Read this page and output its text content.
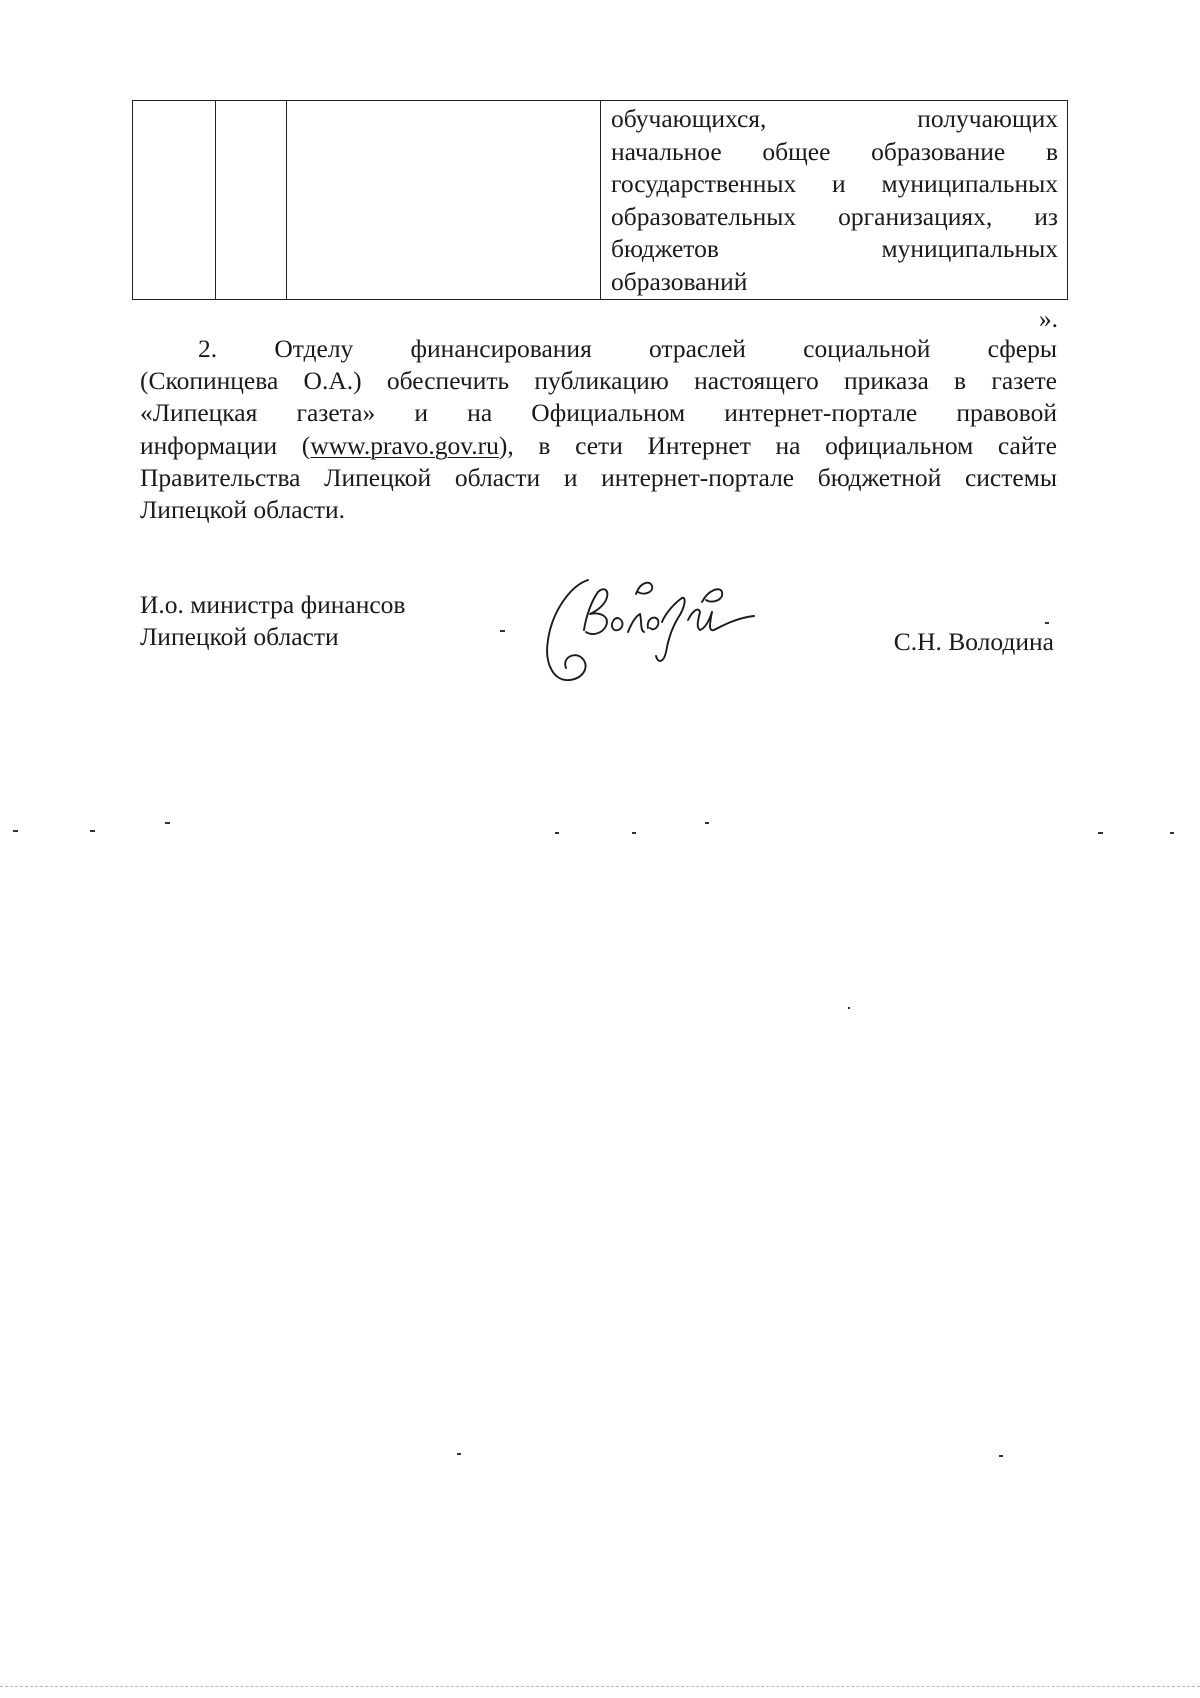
обучающихся, получающих
начальное общее образование в
государственных и муниципальных
образовательных организациях, из
бюджетов муниципальных
образований
».
2. Отделу финансирования отраслей социальной сферы
(Скопинцева О.А.) обеспечить публикацию настоящего приказа в газете
«Липецкая газета» и на Официальном интернет-портале правовой
информации (www.pravo.gov.ru), в сети Интернет на официальном сайте
Правительства Липецкой области и интернет-портале бюджетной системы
Липецкой области.
И.о. министра финансов
Липецкой области
Володина
С.Н. Володина
